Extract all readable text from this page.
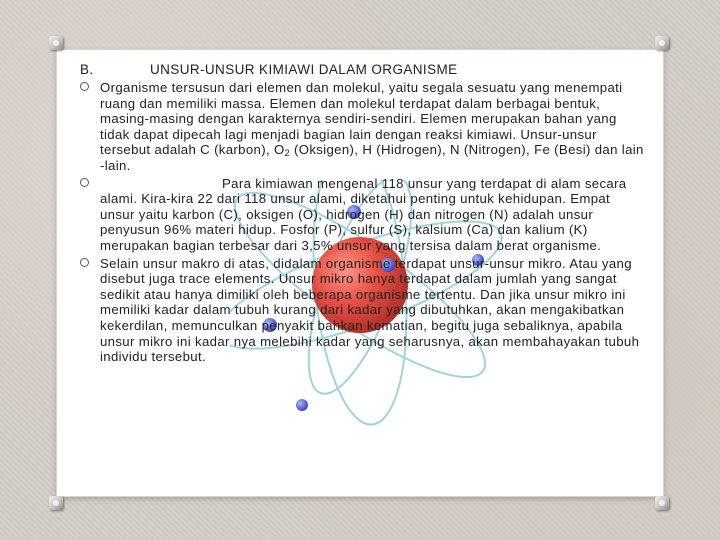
B.	UNSUR-UNSUR KIMIAWI DALAM ORGANISME
Organisme tersusun dari elemen dan molekul, yaitu segala sesuatu yang menempati ruang dan memiliki massa. Elemen dan molekul terdapat dalam berbagai bentuk, masing-masing dengan karakternya sendiri-sendiri. Elemen merupakan bahan yang tidak dapat dipecah lagi menjadi bagian lain dengan reaksi kimiawi. Unsur-unsur tersebut adalah C (karbon), $O_2$ (Oksigen), H (Hidrogen), N (Nitrogen), Fe (Besi) dan lain -lain.
Para kimiawan mengenal 118 unsur yang terdapat di alam secara alami. Kira-kira 22 dari 118 unsur alami, diketahui penting untuk kehidupan. Empat unsur yaitu karbon (C), oksigen (O), hidrogen (H) dan nitrogen (N) adalah unsur penyusun 96% materi hidup. Fosfor (P), sulfur (S), kalsium (Ca) dan kalium (K) merupakan bagian terbesar dari 3,5% unsur yang tersisa dalam berat organisme.
Selain unsur makro di atas, didalam organisme terdapat unsur-unsur mikro. Atau yang disebut juga trace elements. Unsur mikro hanya terdapat dalam jumlah yang sangat sedikit atau hanya dimiliki oleh beberapa organisme tertentu. Dan jika unsur mikro ini memiliki kadar dalam tubuh kurang dari kadar yang dibutuhkan, akan mengakibatkan kekerdilan, memunculkan penyakit bahkan kematian, begitu juga sebaliknya, apabila unsur mikro ini kadar nya melebihi kadar yang seharusnya, akan membahayakan tubuh individu tersebut.
